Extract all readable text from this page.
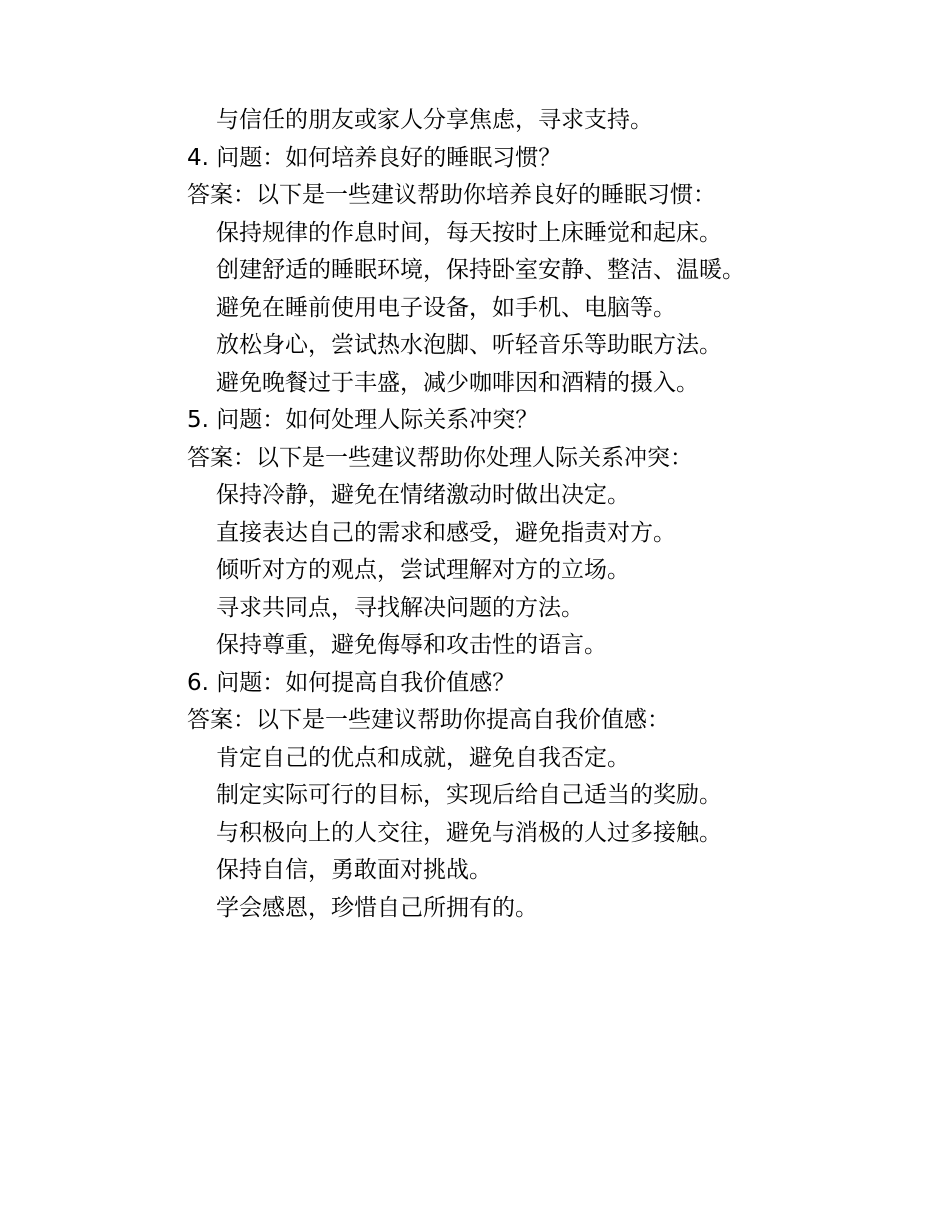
与信任的朋友或家人分享焦虑，寻求支持。
4. 问题：如何培养良好的睡眠习惯？
答案：以下是一些建议帮助你培养良好的睡眠习惯：
保持规律的作息时间，每天按时上床睡觉和起床。
创建舒适的睡眠环境，保持卧室安静、整洁、温暖。
避免在睡前使用电子设备，如手机、电脑等。
放松身心，尝试热水泡脚、听轻音乐等助眠方法。
避免晚餐过于丰盛，减少咖啡因和酒精的摄入。
5. 问题：如何处理人际关系冲突？
答案：以下是一些建议帮助你处理人际关系冲突：
保持冷静，避免在情绪激动时做出决定。
直接表达自己的需求和感受，避免指责对方。
倾听对方的观点，尝试理解对方的立场。
寻求共同点，寻找解决问题的方法。
保持尊重，避免侮辱和攻击性的语言。
6. 问题：如何提高自我价值感？
答案：以下是一些建议帮助你提高自我价值感：
肯定自己的优点和成就，避免自我否定。
制定实际可行的目标，实现后给自己适当的奖励。
与积极向上的人交往，避免与消极的人过多接触。
保持自信，勇敢面对挑战。
学会感恩，珍惜自己所拥有的。
